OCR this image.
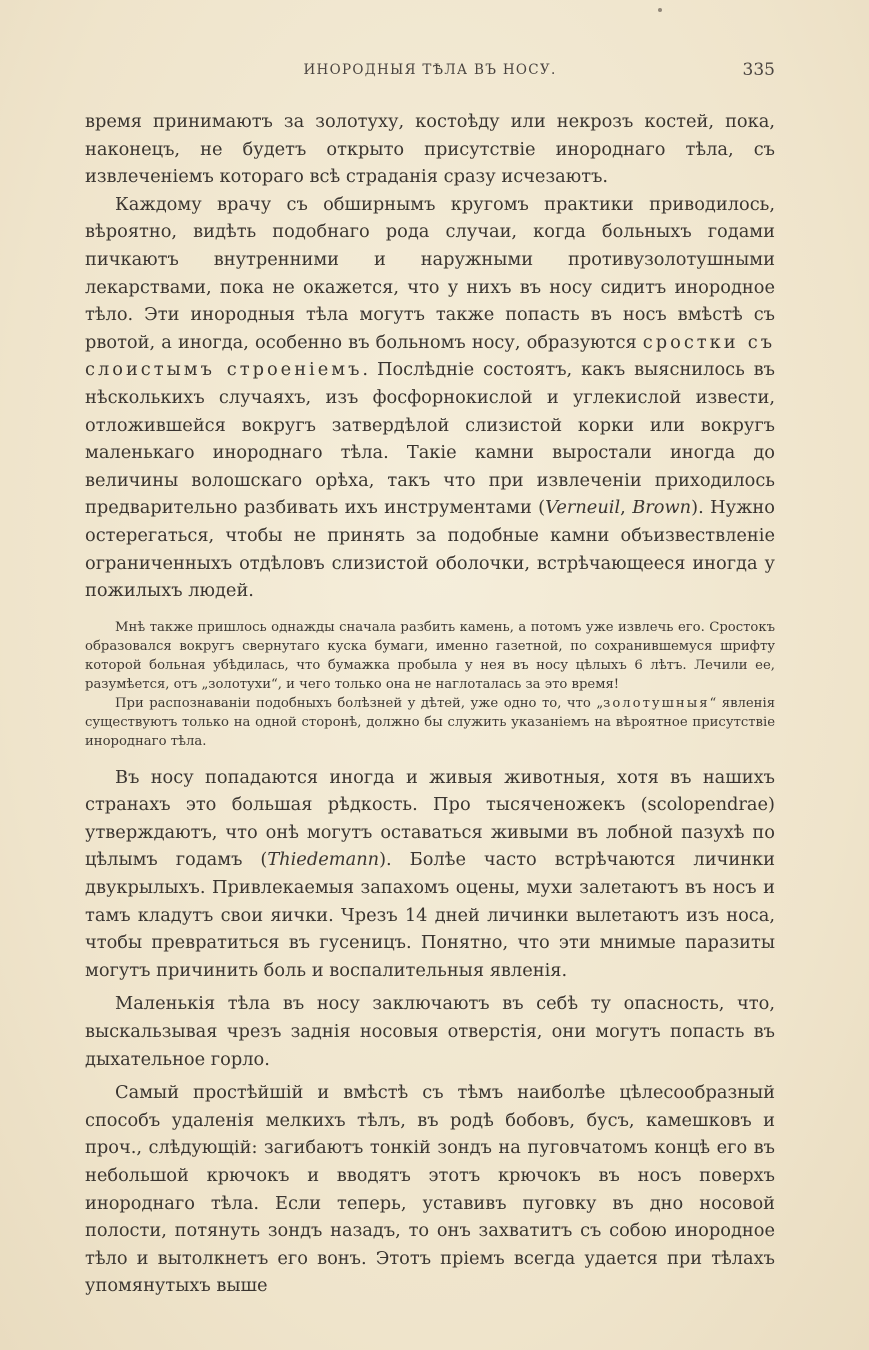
ИНОРОДНЫЯ ТѢЛА ВЪ НОСУ.	335

время принимаютъ за золотуху, костоѣду или некрозъ костей, пока, наконецъ, не будетъ открыто присутствіе инороднаго тѣла, съ извлеченіемъ котораго всѣ страданія сразу исчезаютъ.

Каждому врачу съ обширнымъ кругомъ практики приводилось, вѣроятно, видѣть подобнаго рода случаи, когда больныхъ годами пичкаютъ внутренними и наружными противузолотушными лекарствами, пока не окажется, что у нихъ въ носу сидитъ инородное тѣло. Эти инородныя тѣла могутъ также попасть въ носъ вмѣстѣ съ рвотой, а иногда, особенно въ больномъ носу, образуются сростки съ слоистымъ строеніемъ. Послѣдніе состоятъ, какъ выяснилось въ нѣсколькихъ случаяхъ, изъ фосфорнокислой и углекислой извести, отложившейся вокругъ затвердѣлой слизистой корки или вокругъ маленькаго инороднаго тѣла. Такіе камни выростали иногда до величины волошскаго орѣха, такъ что при извлеченіи приходилось предварительно разбивать ихъ инструментами (Verneuil, Brown). Нужно остерегаться, чтобы не принять за подобные камни объизвествленіе ограниченныхъ отдѣловъ слизистой оболочки, встрѣчающееся иногда у пожилыхъ людей.

Мнѣ также пришлось однажды сначала разбить камень, а потомъ уже извлечь его. Сростокъ образовался вокругъ свернутаго куска бумаги, именно газетной, по сохранившемуся шрифту которой больная убѣдилась, что бумажка пробыла у нея въ носу цѣлыхъ 6 лѣтъ. Лечили ее, разумѣется, отъ „золотухи“, и чего только она не наглоталась за это время!

При распознаваніи подобныхъ болѣзней у дѣтей, уже одно то, что „золотушныя“ явленія существуютъ только на одной сторонѣ, должно бы служить указаніемъ на вѣроятное присутствіе инороднаго тѣла.

Въ носу попадаются иногда и живыя животныя, хотя въ нашихъ странахъ это большая рѣдкость. Про тысяченожекъ (scolopendrae) утверждаютъ, что онѣ могутъ оставаться живыми въ лобной пазухѣ по цѣлымъ годамъ (Thiedemann). Болѣе часто встрѣчаются личинки двукрылыхъ. Привлекаемыя запахомъ оцены, мухи залетаютъ въ носъ и тамъ кладутъ свои яички. Чрезъ 14 дней личинки вылетаютъ изъ носа, чтобы превратиться въ гусеницъ. Понятно, что эти мнимые паразиты могутъ причинить боль и воспалительныя явленія.

Маленькія тѣла въ носу заключаютъ въ себѣ ту опасность, что, выскальзывая чрезъ заднія носовыя отверстія, они могутъ попасть въ дыхательное горло.

Самый простѣйшій и вмѣстѣ съ тѣмъ наиболѣе цѣлесообразный способъ удаленія мелкихъ тѣлъ, въ родѣ бобовъ, бусъ, камешковъ и проч., слѣдующій: загибаютъ тонкій зондъ на пуговчатомъ концѣ его въ небольшой крючокъ и вводятъ этотъ крючокъ въ носъ поверхъ инороднаго тѣла. Если теперь, уставивъ пуговку въ дно носовой полости, потянуть зондъ назадъ, то онъ захватитъ съ собою инородное тѣло и вытолкнетъ его вонъ. Этотъ пріемъ всегда удается при тѣлахъ упомянутыхъ выше
